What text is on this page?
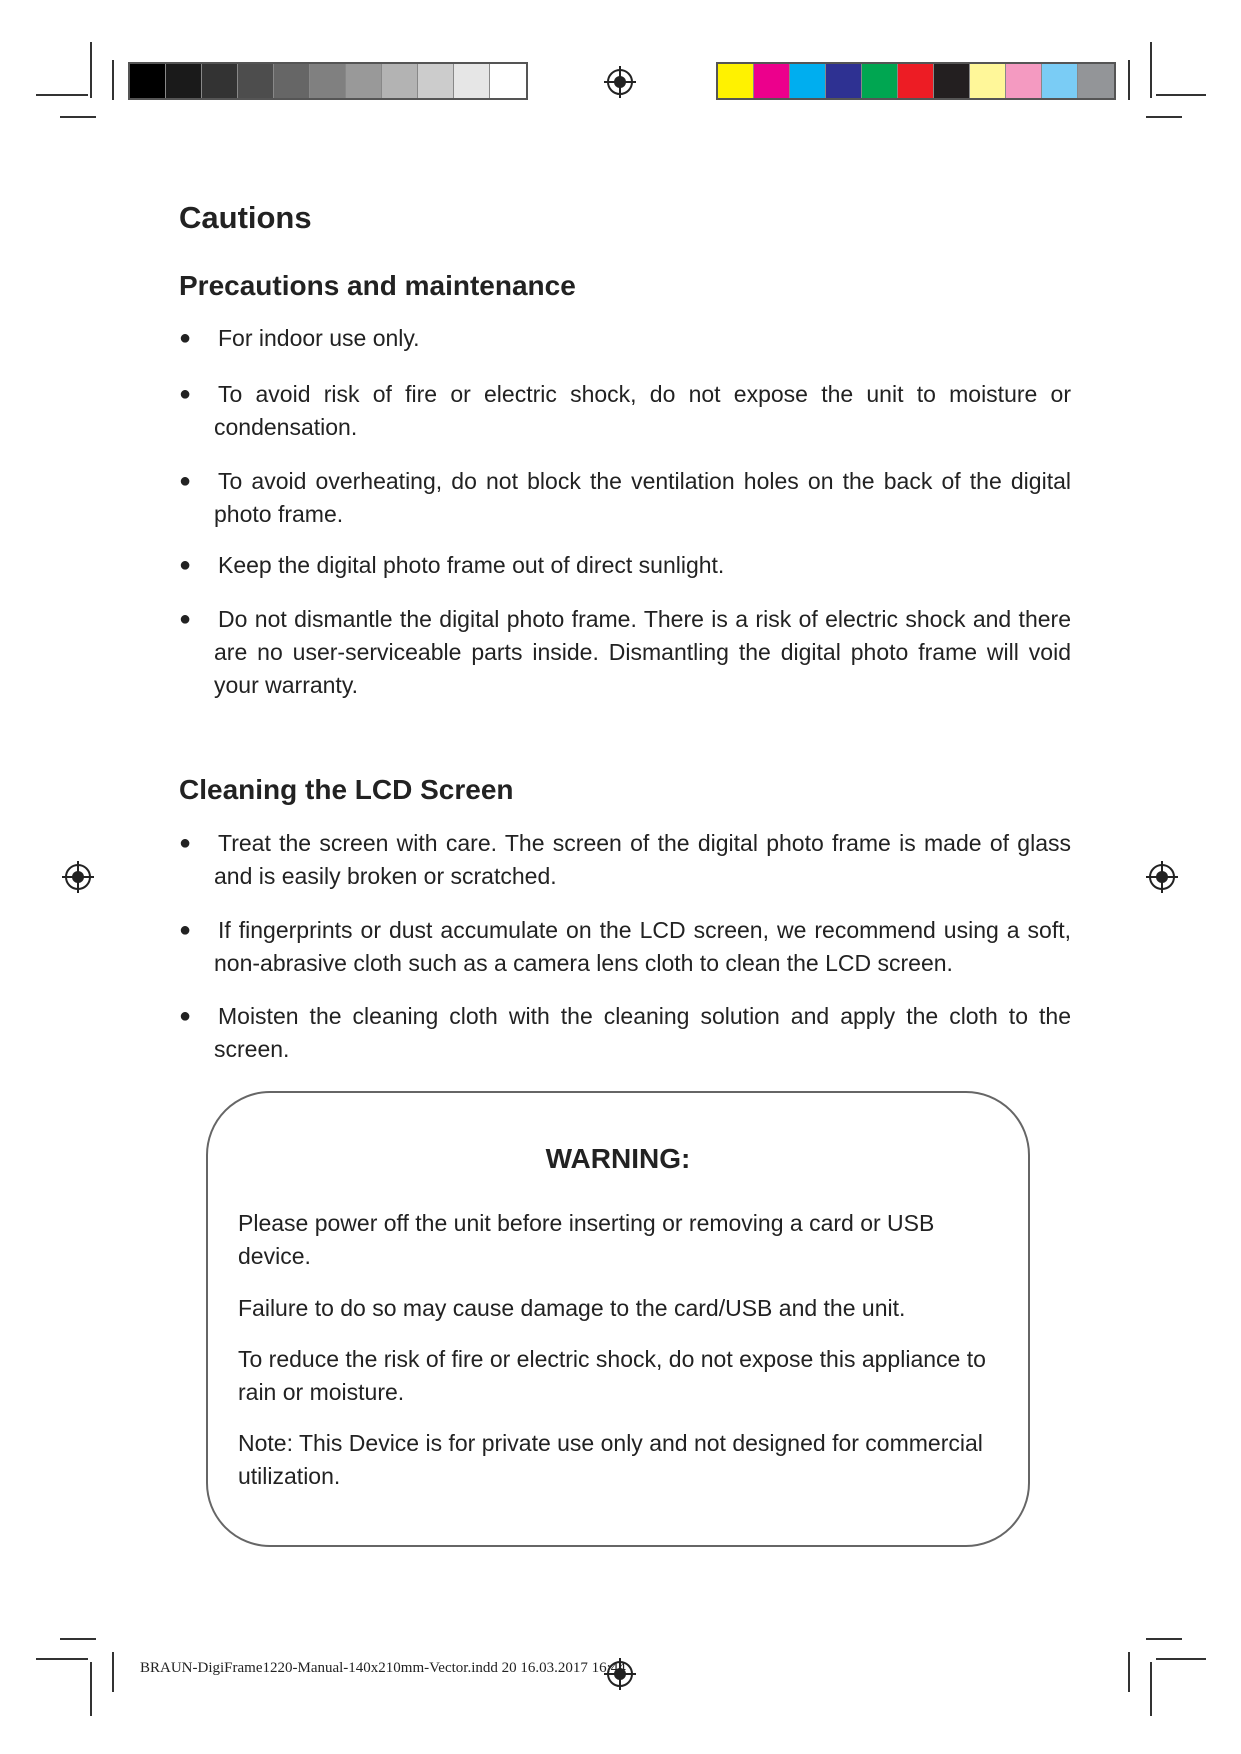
Cautions
Precautions and maintenance
●	For indoor use only.
●	To avoid risk of fire or electric shock, do not expose the unit to moisture or condensation.
●	To avoid overheating, do not block the ventilation holes on the back of the digital photo frame.
●	Keep the digital photo frame out of direct sunlight.
●	Do not dismantle the digital photo frame. There is a risk of electric shock and there are no user-serviceable parts inside. Dismantling the digital photo frame will void your warranty.
Cleaning the LCD Screen
●	Treat the screen with care. The screen of the digital photo frame is made of glass and is easily broken or scratched.
●	If fingerprints or dust accumulate on the LCD screen, we recommend using a soft, non-abrasive cloth such as a camera lens cloth to clean the LCD screen.
●	Moisten the cleaning cloth with the cleaning solution and apply the cloth to the screen.
WARNING:

Please power off the unit before inserting or removing a card or USB device.

Failure to do so may cause damage to the card/USB and the unit.

To reduce the risk of fire or electric shock, do not expose this appliance to rain or moisture.

Note: This Device is for private use only and not designed for commercial utilization.

BRAUN-DigiFrame1220-Manual-140x210mm-Vector.indd 20 16.03.2017 16:44
